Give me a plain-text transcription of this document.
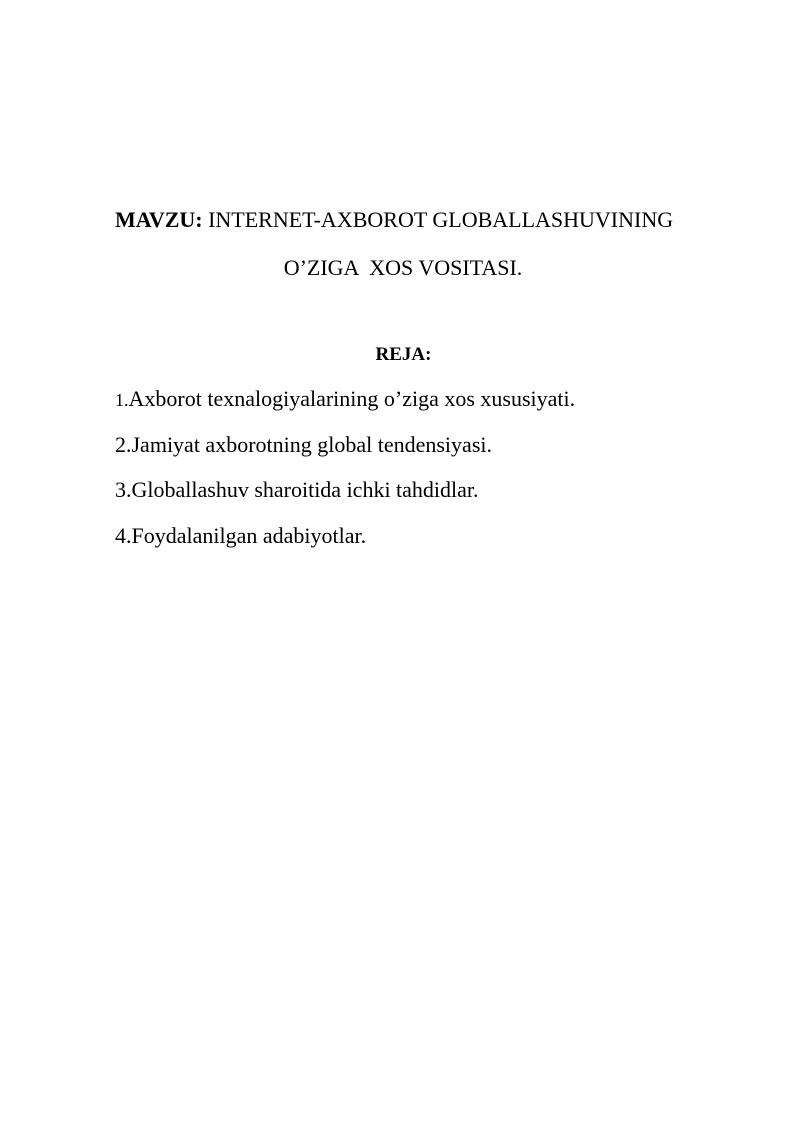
MAVZU: INTERNET-AXBOROT GLOBALLASHUVINING
O’ZIGA  XOS VOSITASI.
REJA:
1.Axborot texnalogiyalarining o’ziga xos xususiyati.
2.Jamiyat axborotning global tendensiyasi.
3.Globallashuv sharoitida ichki tahdidlar.
4.Foydalanilgan adabiyotlar.
